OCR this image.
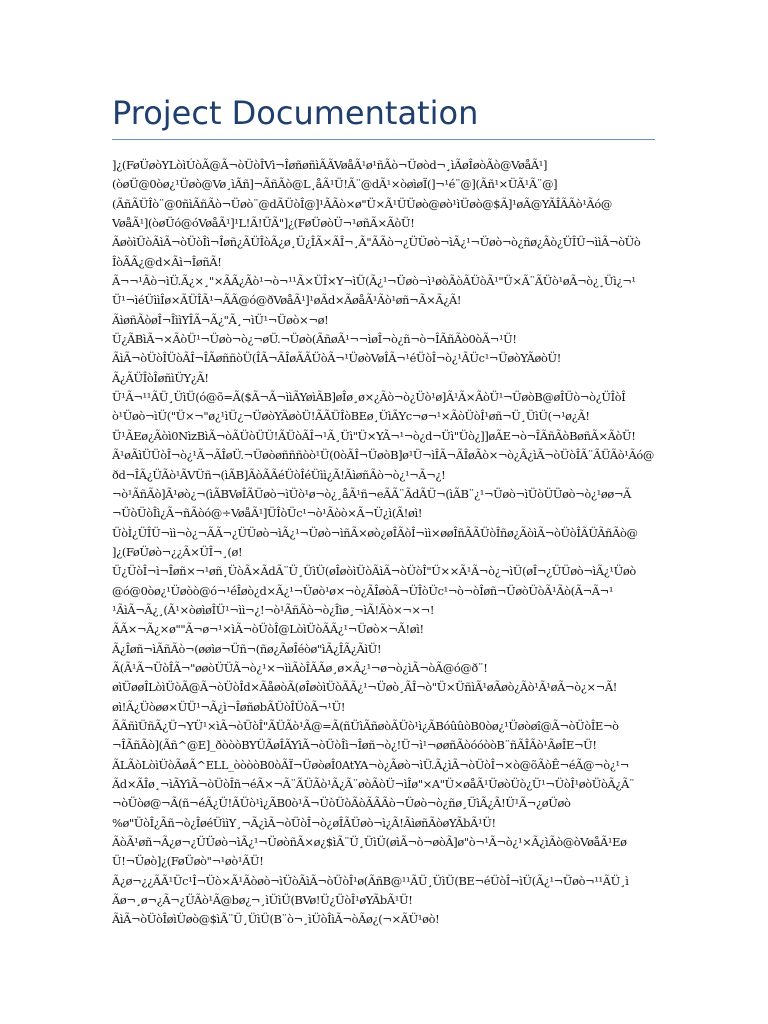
Project Documentation
]¿(FøÜøòYLòìÚòÃ@Ã¬òÜòÎVì¬ÎøñøñìÃÃVøåÃ¹ø¹ñÃò¬Üøòd¬¸ìÃøÎøòÃò@VøåÃ¹]
(òøÜ@0òø¿¹Üøò@Vø¸ìÃñ]¬ÃñÃò@L¸åÃ¹Ü!Ã¨@dÃ¹×òøìøÏ(]¬¹é¨@](Ãñ¹×ÜÃ¹Ã¨@]
(ÃñÃÜÎò¨@0ñìÃñÃò¬Üøò¨@dÃÜòÎ@]¹ÃÃò×ø"Ü×Ã¹ÜÜøò@øò¹ìÜøò@$Ã]¹øÃ@YÃÎÃÃò¹Ãó@
VøåÃ¹](òøÜó@óVøåÃ¹]¹L!Ã!ÜÃ"]¿(FøÜøòÜ¬¹øñÃ×ÃòÜ!
ÃøòìÜòÃìÃ¬òÜòÎì¬Îøñ¿ÃÜÎòÃ¿ø¸Ü¿ÎÃ×ÃÎ¬¸Ã"ÃÃò¬¿ÜÜøò¬ìÃ¿¹¬Üøò¬ò¿ñø¿Ãò¿ÜÎÜ¬ììÃ¬òÜò
ÎòÃÃ¿@d×Ãì¬ÎøñÃ!
Ã¬¬¹Ãò¬ìÜ.Ã¿×¸"×ÃÃ¿Ãò¹¬ò¬¹¹Ã×ÜÎ×Y¬ìÜ(Ã¿¹¬Üøò¬ì¹øòÃòÃÜòÃ¹"Ü×Ã¨ÃÜò¹øÃ¬ò¿¸Üì¿¬¹
Ü¹¬ìéÜììÎø×ÃÜÎÃ¹¬ÃÃ@ó@ðVøåÃ¹]¹øÃd×ÃøåÃ¹Ãò¹øñ¬Ã×Ã¿Ã!
ÃìøñÃòøÎ¬ÎììYÎÃ¬Ã¿"Ã¸¬ìÜ¹¬Üøò×¬ø!
Ü¿ÃBìÃ¬×ÃòÜ¹¬Üøò¬ò¿¬øÜ.¬Üøò(ÃñøÃ¹¬¬ìøÎ¬ò¿ñ¬ò¬ÎÃñÃò0òÃ¬¹Ü!
ÃìÃ¬òÜòÎÜòÃÎ¬ÎÃøññòÜ(ÎÃ¬ÃÎøÃÃÜòÃ¬¹ÜøòVøÎÃ¬¹éÜòÎ¬ò¿¹ÃÜc¹¬ÜøòYÃøòÜ!
Ã¿ÃÜÎòÎøñìÜY¿Ã!
Ü¹Ã¬¹¹ÃÜ¸ÜìÜ(ó@õ=Ã($Ã¬Ã¬ììÃYøìÃB]øÎø¸ø×¿Ãò¬ò¿Üò¹ø]Ã¹Ã×ÃòÜ¹¬ÜøòB@øÎÜò¬ò¿ÜÎòÎ
ò¹Üøò¬ìÜ("Ü×¬"ø¿¹ìÜ¿¬ÜøòYÃøòÜ!ÃÃÜÎòBEø¸ÜìÃYc¬ø¬¹×ÃòÜòÎ¹øñ¬Ü¸ÜìÜ(¬¹ø¿Ã!
Ü¹ÃEø¿Ãòì0NìzBìÃ¬òÃÜòÜÜ!ÃÜòÃÎ¬¹Ã¸Üì"Ü×YÃ¬¹¬ò¿d¬Üì"Üò¿]]øÃE¬ò¬ÎÃñÃòBøñÃ×ÃòÜ!
Ã¹øÃìÜÜòÎ¬ò¿¹Ã¬ÃÎøÜ.¬Üøòøñññòò¹Ü(0òÃÎ¬ÜøòB]ø¹Ü¬ìÎÃ¬ÃÎøÃò×¬ò¿Ã¿ìÃ¬òÜòÎÃ¨ÃÜÃò¹Ãó@
ðd¬ÎÃ¿ÜÃò¹ÃVÜñ¬(ìÃB]ÃòÃÃéÜòÎéÜìì¿Ã!ÃìøñÃò¬ò¿¹¬Ã¬¿!
¬ò¹ÃñÃò]Ã¹øò¿¬(ìÃBVøÎÃÜøò¬ìÜò¹ø¬ò¿¸åÃ¹ñ¬eÃÃ¨ÃdÃÜ¬(ìÃB¨¿¹¬Üøò¬ìÜòÜÜøò¬ò¿¹øø¬Ã
¬ÜòÜòÎì¿Ã¬ñÃòó@÷VøåÃ¹]ÜÎòÜc¹¬ò¹Ãòò×Ã¬Ü¿ì(Ã!øì!
ÜòÌ¿ÜÎÜ¬ìì¬ò¿¬ÃÃ¬¿ÜÜøò¬ìÃ¿¹¬Üøò¬ìñÃ×øò¿øÎÃòÎ¬ìì×øøÎñÃÃÜòÎñø¿ÃòìÃ¬òÜòÎÃÜÃñÃò@
]¿(FøÜøò¬¿¿Ã×ÜÎ¬¸(ø!
Ü¿ÜòÎ¬ì¬Îøñ×¬¹øñ¸ÜòÃ×ÃdÃ¨Ü¸ÜìÜ(øÎøòìÜòÃìÃ¬òÜòÎ"Ü××Ã¹Ã¬ò¿¬ìÜ(øÎ¬¿ÜÜøò¬ìÃ¿¹Üøò
@ó@0òø¿¹Üøòò@ó¬¹éÎøò¿d×Ã¿¹¬Üøò¹ø×¬ò¿ÃÎøòÃ¬ÜÎòÜc¹¬ò¬òÎøñ¬ÜøòÜòÃ¹Ãò(Ã¬Ã¬¹
¹ÃìÃ¬Ã¿¸(Ã¹×òøìøÎÜ¹¬ìì¬¿!¬ò¹ÃñÃò¬ò¿Îìø¸¬ìÃ!Ãò×¬×¬!
ÃÃ×¬Ã¿×ø""Ã¬ø¬¹×ìÃ¬òÜòÎ@LòìÜòÃÃ¿¹¬Üøò×¬Ã!øì!
Ã¿Îøñ¬ìÃñÃò¬(øøìø¬Üñ¬(ñø¿ÃøÎéòø"ìÃ¿ÎÃ¿ÃìÜ!
Ã(Ã¹Ã¬ÜòÎÃ¬"øøòÜÜÃ¬ò¿¹×¬ììÃòÎÃÃø¸ø×Ã¿¹¬ø¬ò¿ìÃ¬òÃ@ó@ð¨!
øìÜøøÎLòìÜòÃ@Ã¬òÜòÎd×ÃåøòÃ(øÎøòìÜòÃÃ¿¹¬Üøò¸ÃÎ¬ò"Ü×ÜñìÃ¹øÃøò¿Ãò¹Ã¹øÃ¬ò¿×¬Ã!
øì!Ã¿Üòøø×ÜÜ¹¬Ã¿ì¬ÎøñøbÃÜòÎÜòÃ¬¹Ü!
ÃÃñìÜñÃ¿Ü¬YÜ¹×ìÃ¬òÜòÎ"ÃÜÃò¹Ã@=Ã(ñÜìÃñøòÃÜò¹ì¿ÃBóûûòB0òø¿¹Üøòøî@Ã¬òÜòÎE¬ò
¬ÎÃñÃò](Ãñ^@E]_ðòòòBYÜÃøÎÃYìÃ¬òÜòÎì¬Îøñ¬ò¿!Ü¬ì¹¬øøñÃòóóòòB¨ñÃÎÃò¹ÃøÎE¬Ü!
ÃLÃòLòìÜòÃøÃ^ELL_òòòòB0òÃÏ¬ÜøòøÎ0AtYA¬ò¿Ãøò¬ìÜ.Ã¿ìÃ¬òÜòÎ¬×ò@õÃòÊ¬éÃ@¬ò¿¹¬
Ãd×ÃÎø¸¬ìÃYìÃ¬òÜòÎñ¬éÃ×¬Ã¨ÃÜÃò¹Ã¿Ã¨øòÃòÜ¬ìÎø"×A"Ü×øåÃ¹ÜøòÜò¿Ü¹¬ÜòÎ¹øòÜòÃ¿Ã¨
¬òÜòø@¬Ã(ñ¬éÃ¿Ü!ÃÜò¹ì¿ÃB0ò¹Ã¬ÜòÜòÃòÃÃÃò¬Üøò¬ò¿ñø¸ÜìÃ¿Ã!Ü¹Ã¬¿øÜøò
%ø"ÜòÎ¿Ãñ¬ò¿ÎøéÜììY¸¬Ã¿ìÃ¬òÜòÎ¬ò¿øÎÃÜøò¬ì¿Ã!ÃìøñÃòøYÃbÃ¹Ü!
ÃòÃ¹øñ¬Ã¿ø¬¿ÜÜøò¬ìÃ¿¹¬ÜøòñÃ×ø¿$ìÃ¨Ü¸ÜìÜ(øìÃ¬ò¬øòÃ]ø"ò¬¹Ã¬ò¿¹×Ã¿ìÃò@òVøåÃ¹Eø
Ü!¬Üøò]¿(FøÜøò"¬¹øò¹ÃÜ!
Ã¿ø¬¿¿ÃÃ¹Üc¹Î¬Üò×Ã¹Ãòøò¬ìÜòÃìÃ¬òÜòÎ¹ø(ÃñB@¹¹ÃÜ¸ÜìÜ(BE¬éÜòÎ¬ìÜ(Ã¿¹¬Üøò¬¹¹ÃÜ¸ì
Ãø¬¸ø¬¿Ã¬¿ÜÃò¹Ã@bø¿¬¸ìÜìÜ(BVø!Ü¿ÜòÎ¹øYÃbÃ¹Ü!
ÃìÃ¬òÜòÎøìÜøò@$ìÃ¨Ü¸ÜìÜ(B¨ò¬¸ìÜòÎìÃ¬òÃø¿(¬×ÃÜ¹øò!
